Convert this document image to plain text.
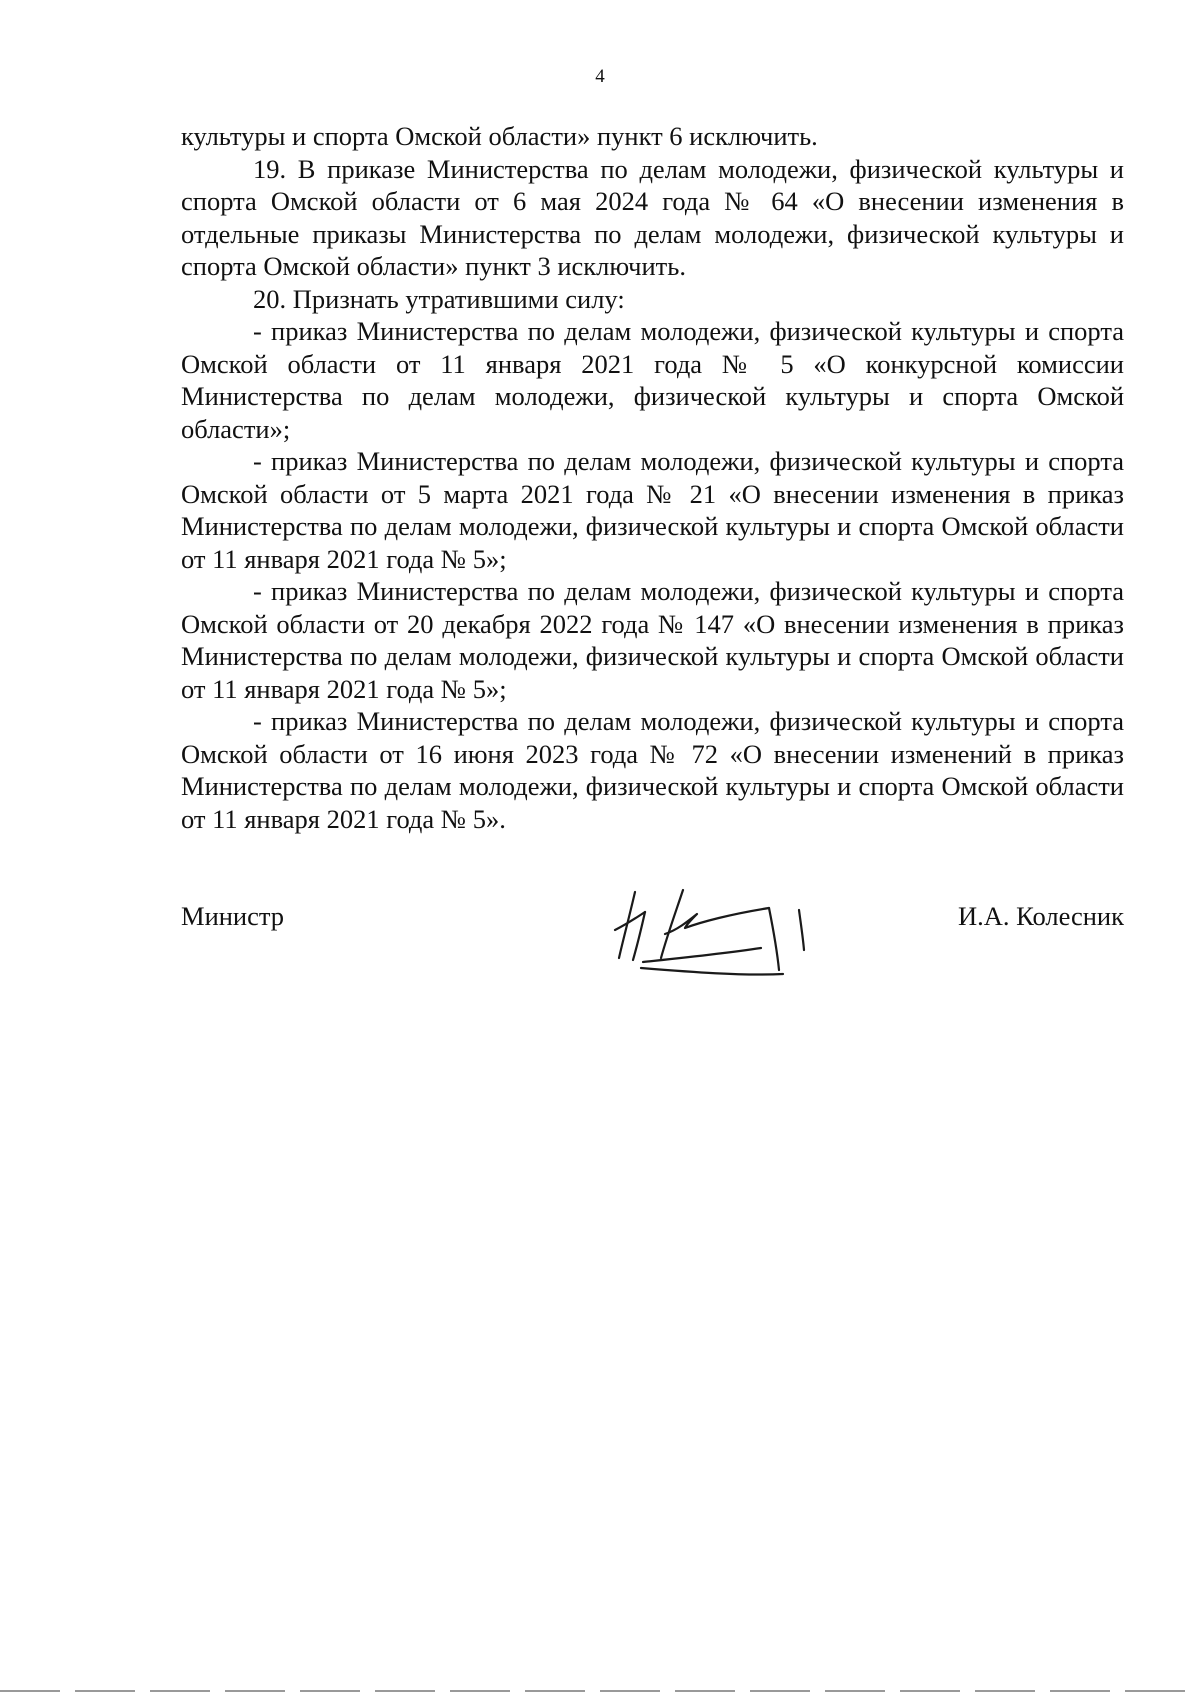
4

культуры и спорта Омской области» пункт 6 исключить.

19. В приказе Министерства по делам молодежи, физической культуры и спорта Омской области от 6 мая 2024 года № 64 «О внесении изменения в отдельные приказы Министерства по делам молодежи, физической культуры и спорта Омской области» пункт 3 исключить.

20. Признать утратившими силу:

- приказ Министерства по делам молодежи, физической культуры и спорта Омской области от 11 января 2021 года № 5 «О конкурсной комиссии Министерства по делам молодежи, физической культуры и спорта Омской области»;

- приказ Министерства по делам молодежи, физической культуры и спорта Омской области от 5 марта 2021 года № 21 «О внесении изменения в приказ Министерства по делам молодежи, физической культуры и спорта Омской области от 11 января 2021 года № 5»;

- приказ Министерства по делам молодежи, физической культуры и спорта Омской области от 20 декабря 2022 года № 147 «О внесении изменения в приказ Министерства по делам молодежи, физической культуры и спорта Омской области от 11 января 2021 года № 5»;

- приказ Министерства по делам молодежи, физической культуры и спорта Омской области от 16 июня 2023 года № 72 «О внесении изменений в приказ Министерства по делам молодежи, физической культуры и спорта Омской области от 11 января 2021 года № 5».

Министр	И.А. Колесник
